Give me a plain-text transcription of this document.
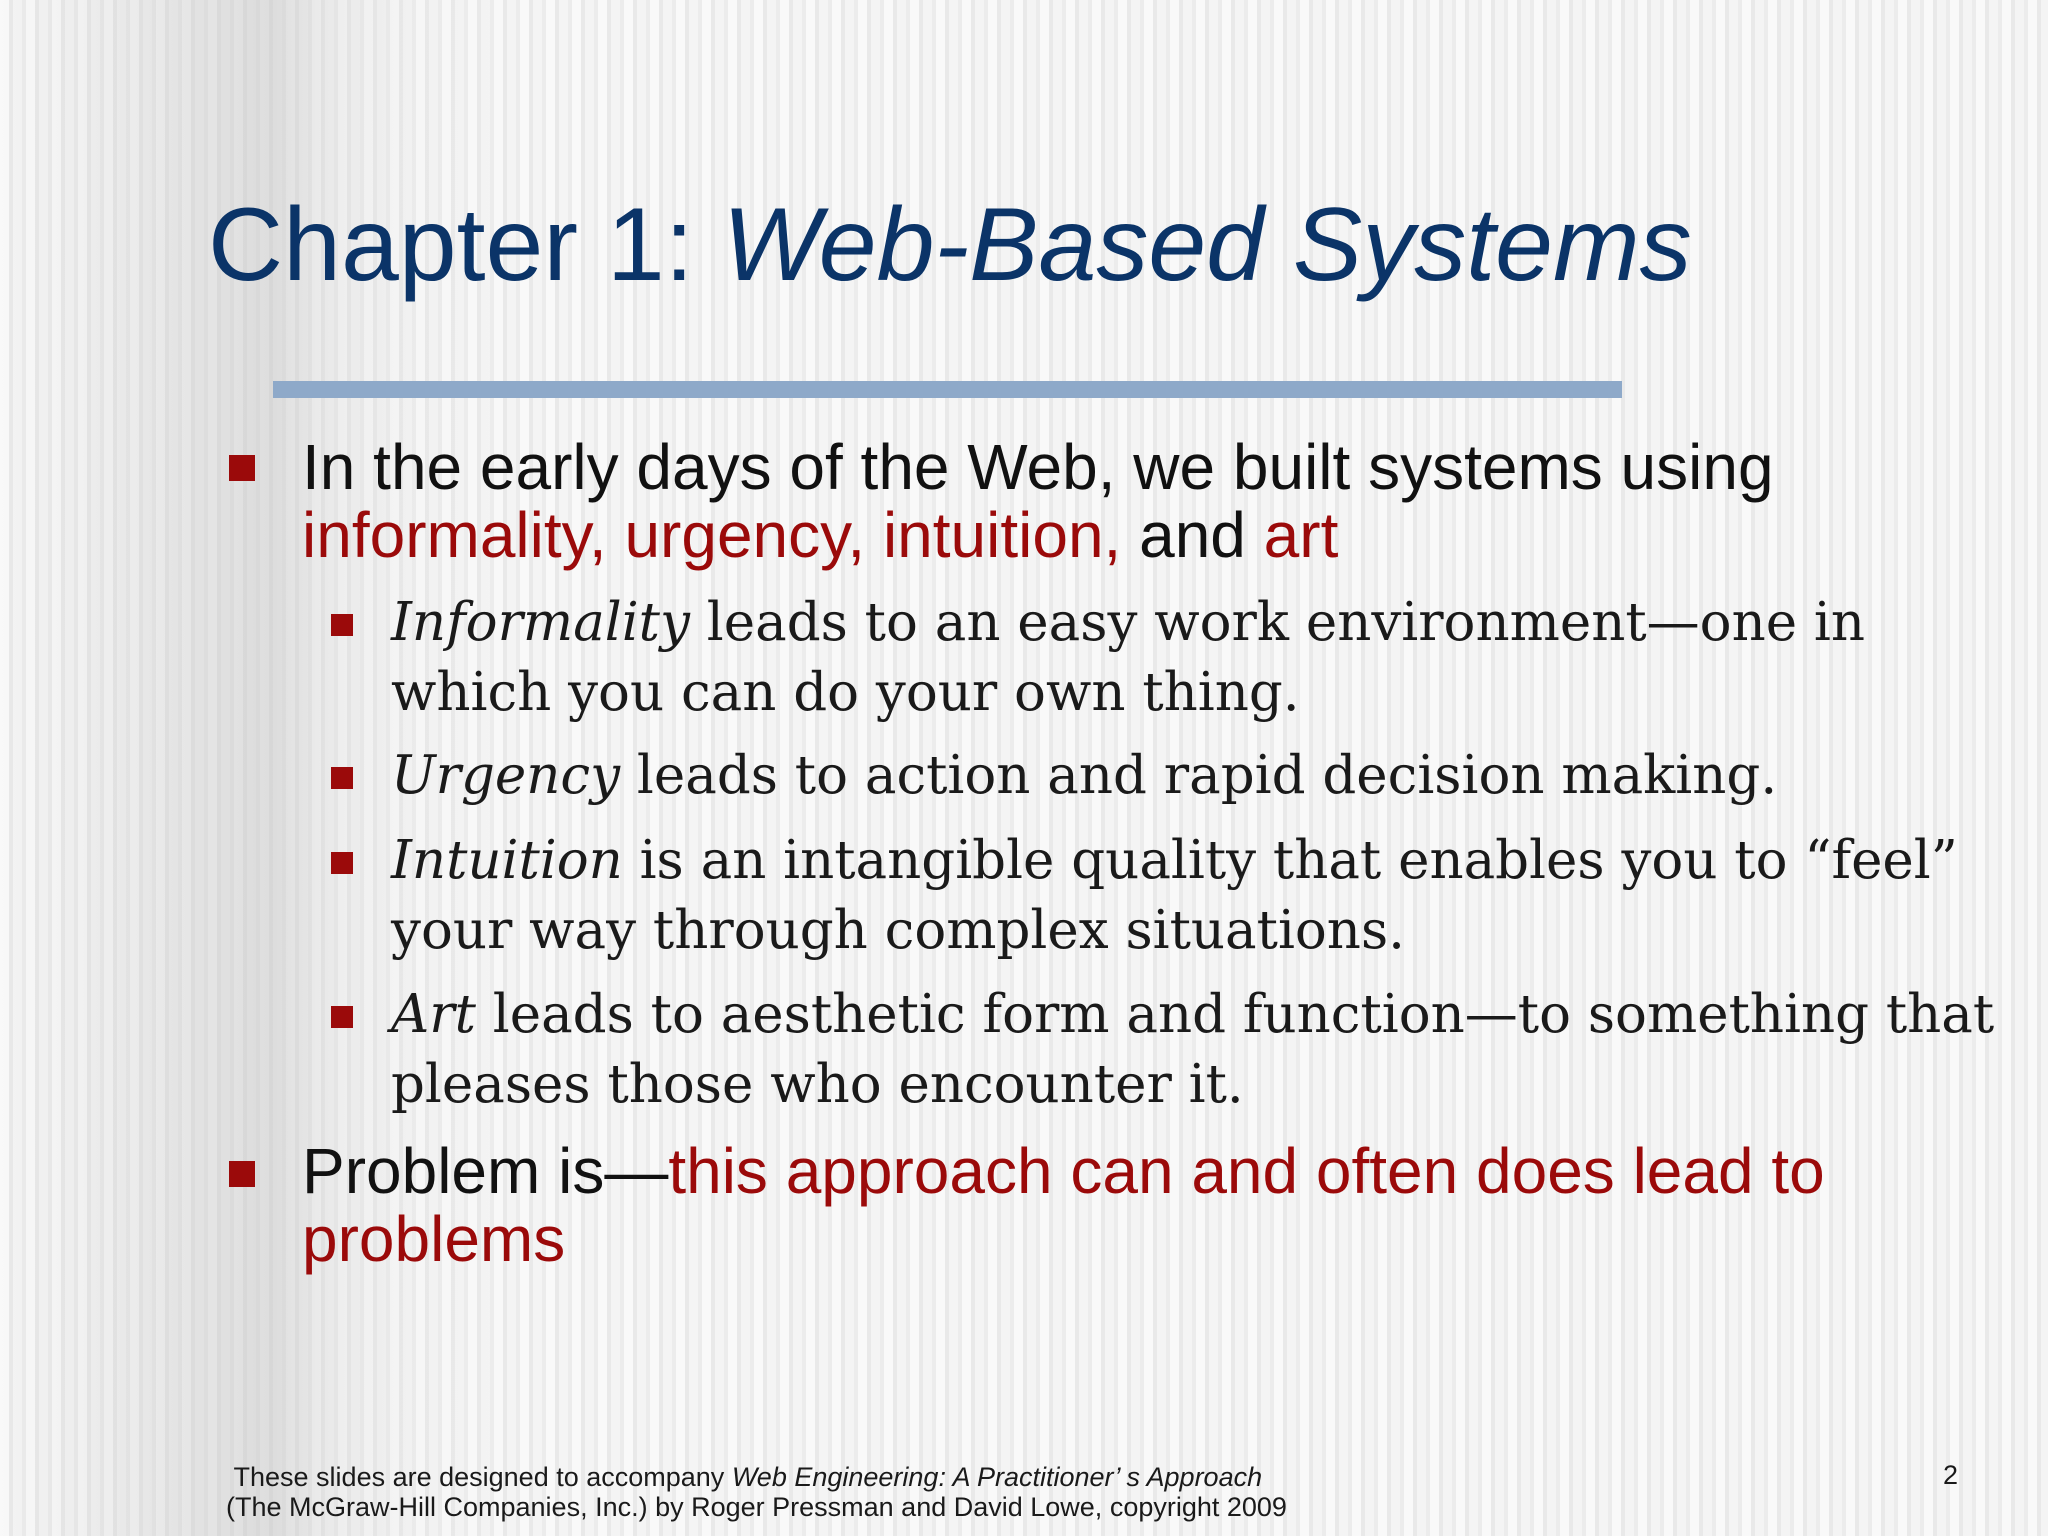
Chapter 1: Web-Based Systems
In the early days of the Web, we built systems using informality, urgency, intuition, and art
Informality leads to an easy work environment—one in which you can do your own thing.
Urgency leads to action and rapid decision making.
Intuition is an intangible quality that enables you to “feel” your way through complex situations.
Art leads to aesthetic form and function—to something that pleases those who encounter it.
Problem is—this approach can and often does lead to problems
These slides are designed to accompany Web Engineering: A Practitioner’ s Approach
(The McGraw-Hill Companies, Inc.) by Roger Pressman and David Lowe, copyright 2009
2
